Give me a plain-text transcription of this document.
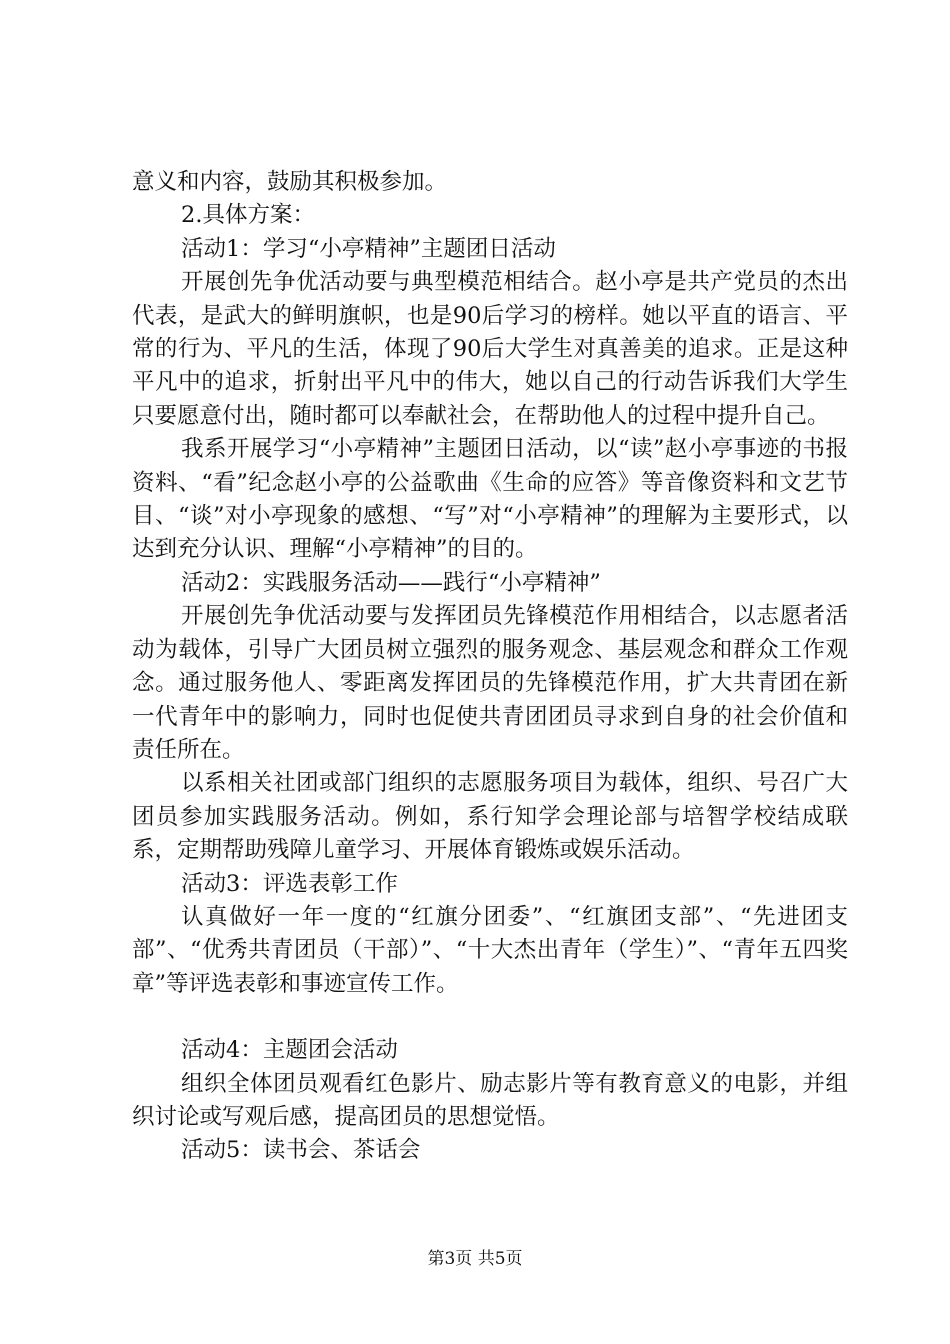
意义和内容，鼓励其积极参加。

2.具体方案：

活动1：学习“小亭精神”主题团日活动

开展创先争优活动要与典型模范相结合。赵小亭是共产党员的杰出代表，是武大的鲜明旗帜，也是90后学习的榜样。她以平直的语言、平常的行为、平凡的生活，体现了90后大学生对真善美的追求。正是这种平凡中的追求，折射出平凡中的伟大，她以自己的行动告诉我们大学生只要愿意付出，随时都可以奉献社会，在帮助他人的过程中提升自己。

我系开展学习“小亭精神”主题团日活动，以“读”赵小亭事迹的书报资料、“看”纪念赵小亭的公益歌曲《生命的应答》等音像资料和文艺节目、“谈”对小亭现象的感想、“写”对“小亭精神”的理解为主要形式，以达到充分认识、理解“小亭精神”的目的。

活动2：实践服务活动——践行“小亭精神”

开展创先争优活动要与发挥团员先锋模范作用相结合，以志愿者活动为载体，引导广大团员树立强烈的服务观念、基层观念和群众工作观念。通过服务他人、零距离发挥团员的先锋模范作用，扩大共青团在新一代青年中的影响力，同时也促使共青团团员寻求到自身的社会价值和责任所在。

以系相关社团或部门组织的志愿服务项目为载体，组织、号召广大团员参加实践服务活动。例如，系行知学会理论部与培智学校结成联系，定期帮助残障儿童学习、开展体育锻炼或娱乐活动。

活动3：评选表彰工作

认真做好一年一度的“红旗分团委”、“红旗团支部”、“先进团支部”、“优秀共青团员（干部）”、“十大杰出青年（学生）”、“青年五四奖章”等评选表彰和事迹宣传工作。

活动4：主题团会活动

组织全体团员观看红色影片、励志影片等有教育意义的电影，并组织讨论或写观后感，提高团员的思想觉悟。

活动5：读书会、茶话会

第3页 共5页
